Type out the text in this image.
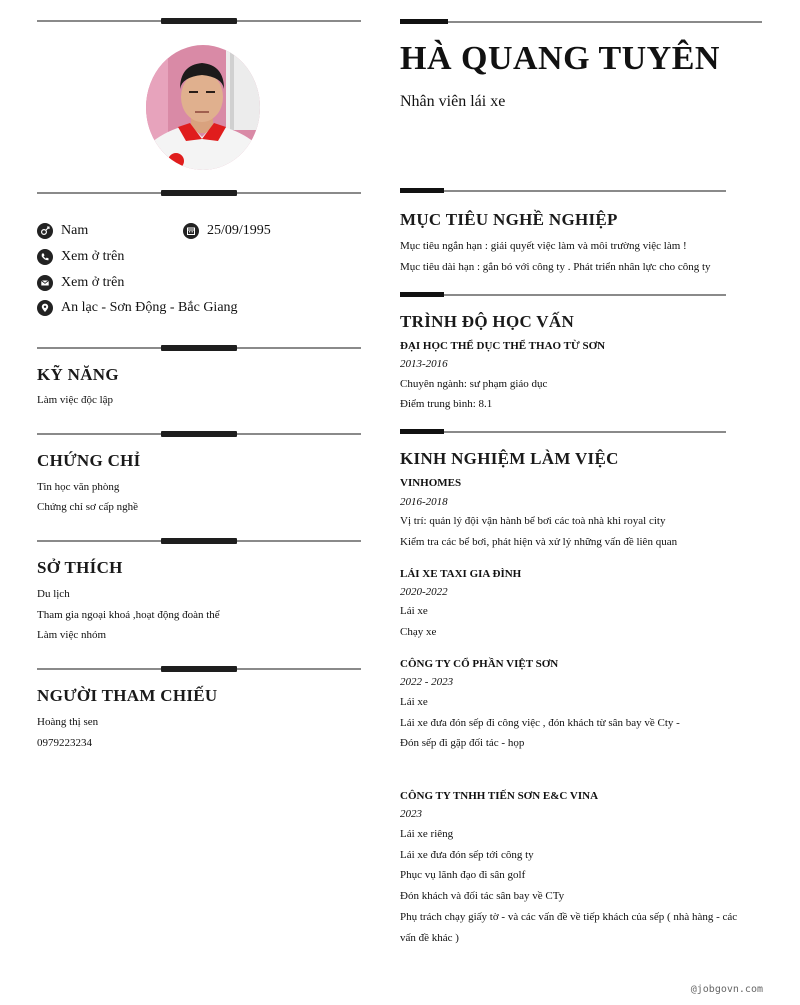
HÀ QUANG TUYÊN
Nhân viên lái xe
Nam	25/09/1995
Xem ở trên
Xem ở trên
An lạc - Sơn Động - Bắc Giang
KỸ NĂNG
Làm việc độc lập
CHỨNG CHỈ
Tin học văn phòng
Chứng chỉ sơ cấp nghề
SỞ THÍCH
Du lịch
Tham gia ngoại khoá ,hoạt động đoàn thể
Làm việc nhóm
NGƯỜI THAM CHIẾU
Hoàng thị sen
0979223234
MỤC TIÊU NGHỀ NGHIỆP
Mục tiêu ngắn hạn : giải quyết việc làm và môi trường việc làm !
Mục tiêu dài hạn : gắn bó với công ty . Phát triển nhân lực cho công ty
TRÌNH ĐỘ HỌC VẤN
ĐẠI HỌC THỂ DỤC THỂ THAO TỪ SƠN
2013-2016
Chuyên ngành: sư phạm giáo dục
Điểm trung bình: 8.1
KINH NGHIỆM LÀM VIỆC
VINHOMES
2016-2018
Vị trí: quản lý đội vận hành bể bơi các toà nhà khi royal city
Kiểm tra các bể bơi, phát hiện và xử lý những vấn đề liên quan
LÁI XE TAXI GIA ĐÌNH
2020-2022
Lái xe
Chạy xe
CÔNG TY CỔ PHẦN VIỆT SƠN
2022 - 2023
Lái xe
Lái xe đưa đón sếp đi công việc , đón khách từ sân bay về Cty -
Đón sếp đi gặp đối tác - họp
CÔNG TY TNHH TIẾN SƠN E&C VINA
2023
Lái xe riêng
Lái xe đưa đón sếp tới công ty
Phục vụ lãnh đạo đi sân golf
Đón khách và đối tác sân bay về CTy
Phụ trách chạy giấy tờ - và các vấn đề về tiếp khách của sếp ( nhà hàng - các
vấn đề khác )
@jobgovn.com
